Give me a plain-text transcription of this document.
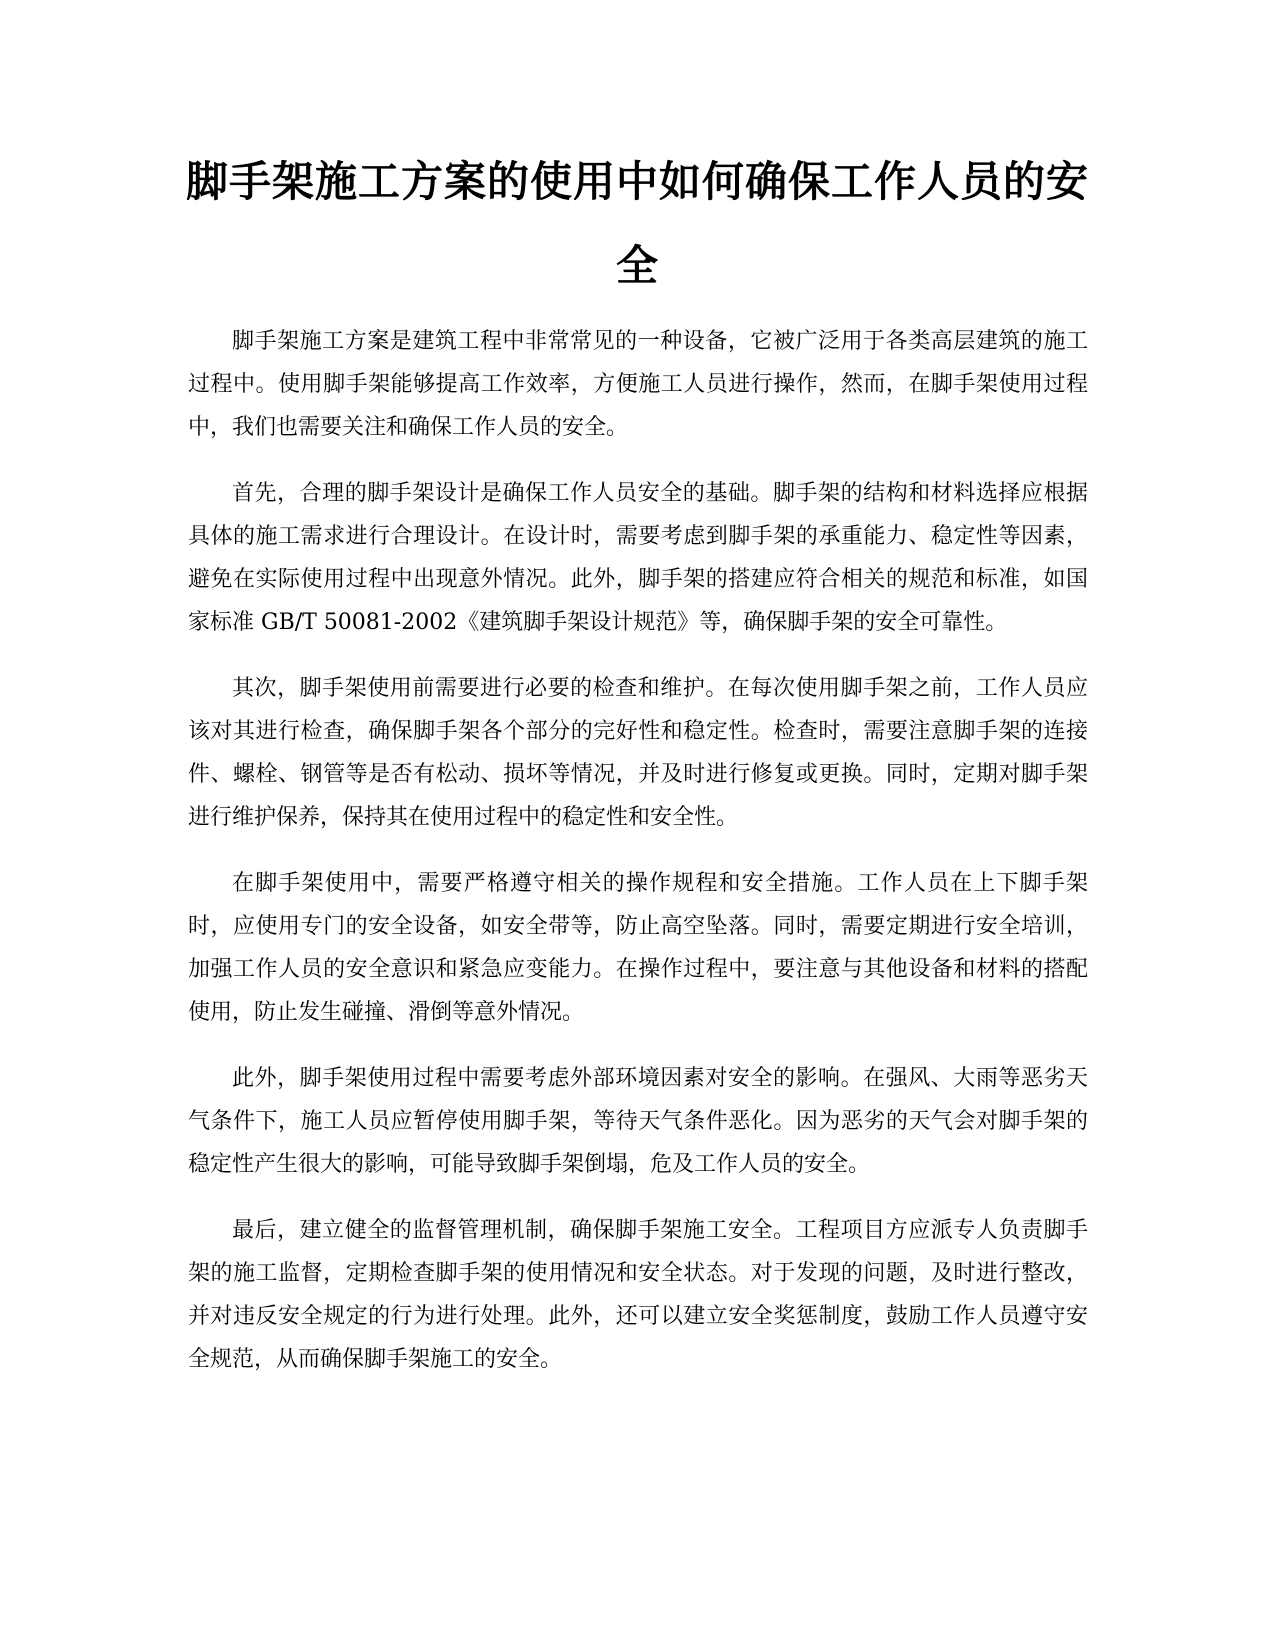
脚手架施工方案的使用中如何确保工作人员的安全

脚手架施工方案是建筑工程中非常常见的一种设备，它被广泛用于各类高层建筑的施工过程中。使用脚手架能够提高工作效率，方便施工人员进行操作，然而，在脚手架使用过程中，我们也需要关注和确保工作人员的安全。

首先，合理的脚手架设计是确保工作人员安全的基础。脚手架的结构和材料选择应根据具体的施工需求进行合理设计。在设计时，需要考虑到脚手架的承重能力、稳定性等因素，避免在实际使用过程中出现意外情况。此外，脚手架的搭建应符合相关的规范和标准，如国家标准 GB/T 50081-2002《建筑脚手架设计规范》等，确保脚手架的安全可靠性。

其次，脚手架使用前需要进行必要的检查和维护。在每次使用脚手架之前，工作人员应该对其进行检查，确保脚手架各个部分的完好性和稳定性。检查时，需要注意脚手架的连接件、螺栓、钢管等是否有松动、损坏等情况，并及时进行修复或更换。同时，定期对脚手架进行维护保养，保持其在使用过程中的稳定性和安全性。

在脚手架使用中，需要严格遵守相关的操作规程和安全措施。工作人员在上下脚手架时，应使用专门的安全设备，如安全带等，防止高空坠落。同时，需要定期进行安全培训，加强工作人员的安全意识和紧急应变能力。在操作过程中，要注意与其他设备和材料的搭配使用，防止发生碰撞、滑倒等意外情况。

此外，脚手架使用过程中需要考虑外部环境因素对安全的影响。在强风、大雨等恶劣天气条件下，施工人员应暂停使用脚手架，等待天气条件恶化。因为恶劣的天气会对脚手架的稳定性产生很大的影响，可能导致脚手架倒塌，危及工作人员的安全。

最后，建立健全的监督管理机制，确保脚手架施工安全。工程项目方应派专人负责脚手架的施工监督，定期检查脚手架的使用情况和安全状态。对于发现的问题，及时进行整改，并对违反安全规定的行为进行处理。此外，还可以建立安全奖惩制度，鼓励工作人员遵守安全规范，从而确保脚手架施工的安全。
